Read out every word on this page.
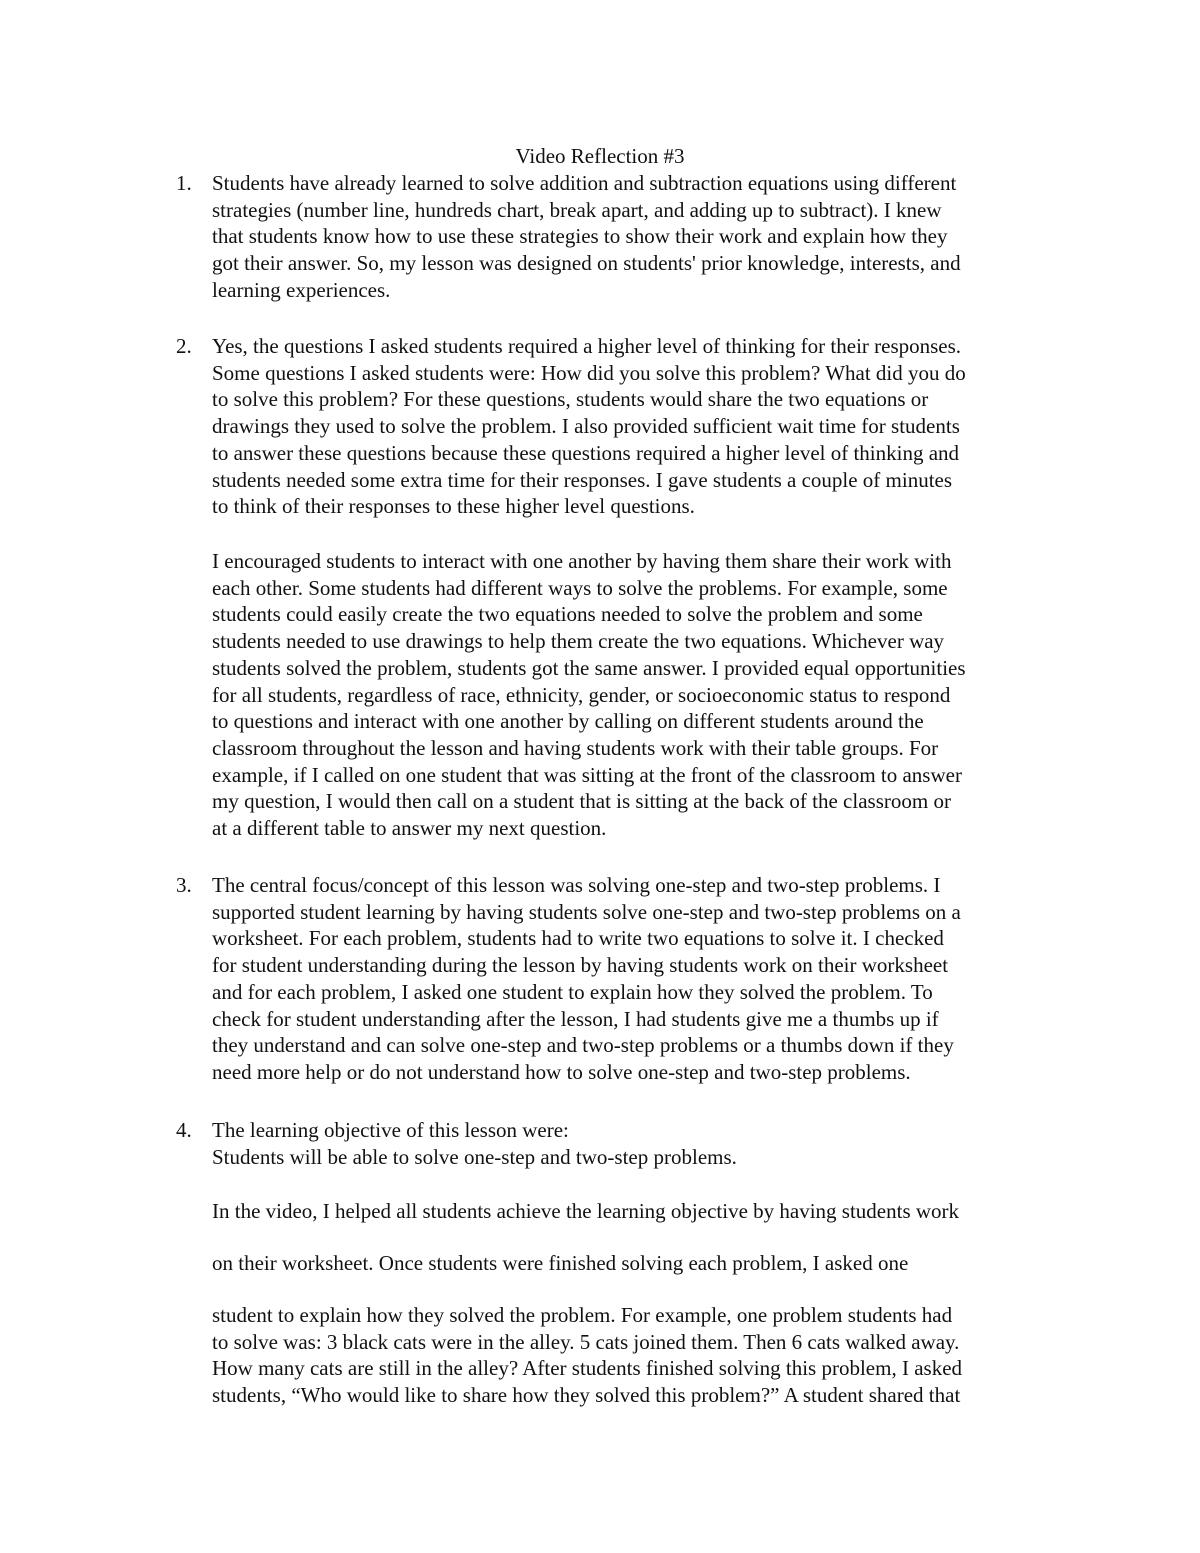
Video Reflection #3
1. Students have already learned to solve addition and subtraction equations using different
strategies (number line, hundreds chart, break apart, and adding up to subtract). I knew
that students know how to use these strategies to show their work and explain how they
got their answer. So, my lesson was designed on students' prior knowledge, interests, and
learning experiences.

2. Yes, the questions I asked students required a higher level of thinking for their responses.
Some questions I asked students were: How did you solve this problem? What did you do
to solve this problem? For these questions, students would share the two equations or
drawings they used to solve the problem. I also provided sufficient wait time for students
to answer these questions because these questions required a higher level of thinking and
students needed some extra time for their responses. I gave students a couple of minutes
to think of their responses to these higher level questions.

I encouraged students to interact with one another by having them share their work with
each other. Some students had different ways to solve the problems. For example, some
students could easily create the two equations needed to solve the problem and some
students needed to use drawings to help them create the two equations. Whichever way
students solved the problem, students got the same answer. I provided equal opportunities
for all students, regardless of race, ethnicity, gender, or socioeconomic status to respond
to questions and interact with one another by calling on different students around the
classroom throughout the lesson and having students work with their table groups. For
example, if I called on one student that was sitting at the front of the classroom to answer
my question, I would then call on a student that is sitting at the back of the classroom or
at a different table to answer my next question.

3. The central focus/concept of this lesson was solving one-step and two-step problems. I
supported student learning by having students solve one-step and two-step problems on a
worksheet. For each problem, students had to write two equations to solve it. I checked
for student understanding during the lesson by having students work on their worksheet
and for each problem, I asked one student to explain how they solved the problem. To
check for student understanding after the lesson, I had students give me a thumbs up if
they understand and can solve one-step and two-step problems or a thumbs down if they
need more help or do not understand how to solve one-step and two-step problems.

4. The learning objective of this lesson were:
Students will be able to solve one-step and two-step problems.

In the video, I helped all students achieve the learning objective by having students work

on their worksheet. Once students were finished solving each problem, I asked one

student to explain how they solved the problem. For example, one problem students had
to solve was: 3 black cats were in the alley. 5 cats joined them. Then 6 cats walked away.
How many cats are still in the alley? After students finished solving this problem, I asked
students, “Who would like to share how they solved this problem?” A student shared that
